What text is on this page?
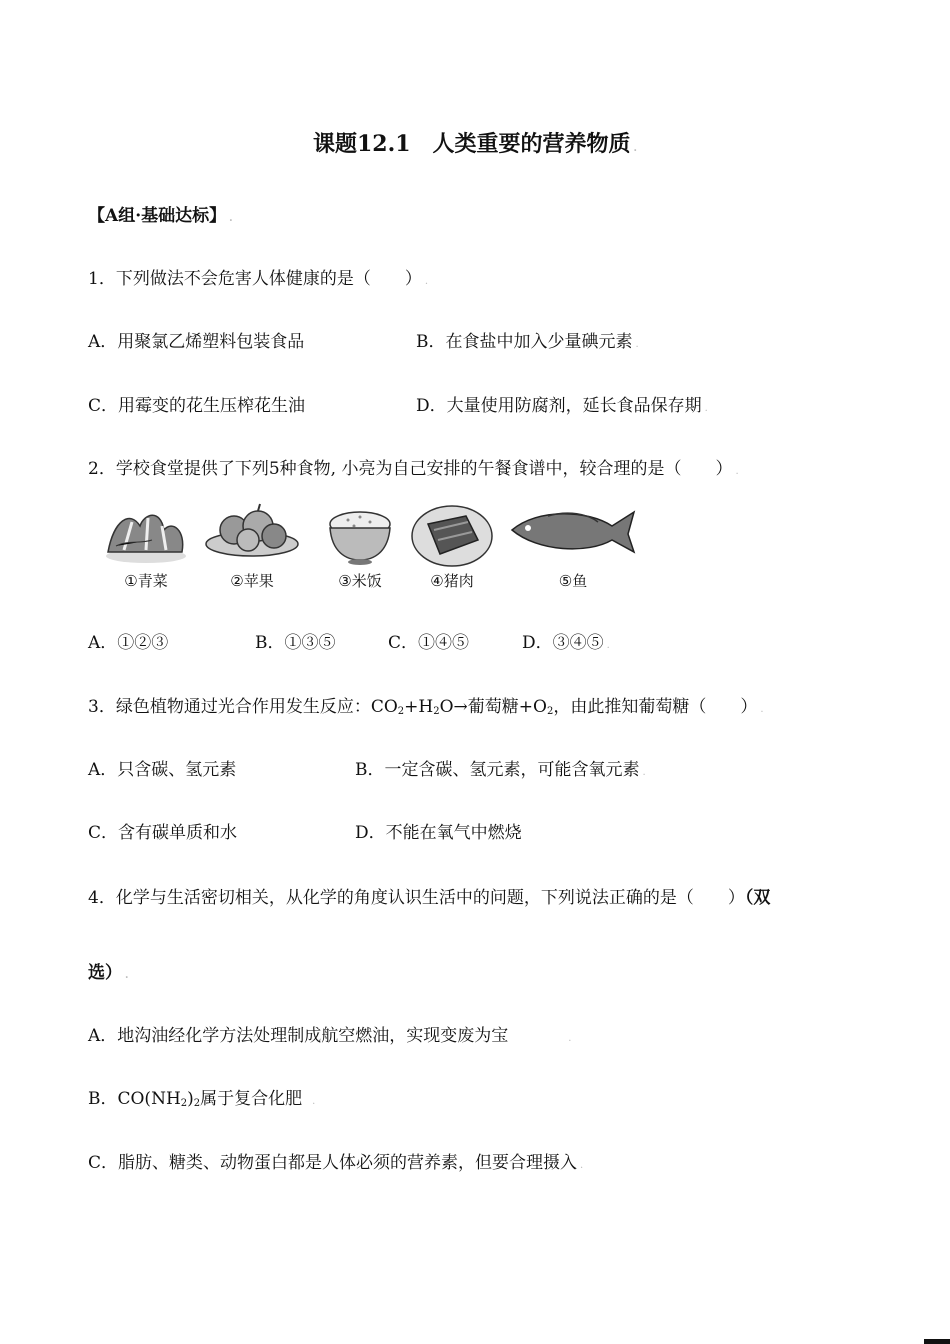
课题12.1　人类重要的营养物质 .
【A组·基础达标】 .
1．下列做法不会危害人体健康的是（　　） .
A．用聚氯乙烯塑料包装食品	B．在食盐中加入少量碘元素 .
C．用霉变的花生压榨花生油	D．大量使用防腐剂，延长食品保存期 .
2．学校食堂提供了下列5种食物, 小亮为自己安排的午餐食谱中，较合理的是（　　） .
①青菜	②苹果	③米饭	④猪肉	⑤鱼
A．①②③	B．①③⑤	C．①④⑤	D．③④⑤ .
3．绿色植物通过光合作用发生反应：$CO_2+H_2O\to$葡萄糖$+O_2$，由此推知葡萄糖（　　） .
A．只含碳、氢元素	B．一定含碳、氢元素，可能含氧元素 .
C．含有碳单质和水	D．不能在氧气中燃烧
4．化学与生活密切相关，从化学的角度认识生活中的问题，下列说法正确的是（　　）（双
选） .
A．地沟油经化学方法处理制成航空燃油，实现变废为宝	.
B．$CO(NH_2)_2$属于复合化肥 .
C．脂肪、糖类、动物蛋白都是人体必须的营养素，但要合理摄入 .
